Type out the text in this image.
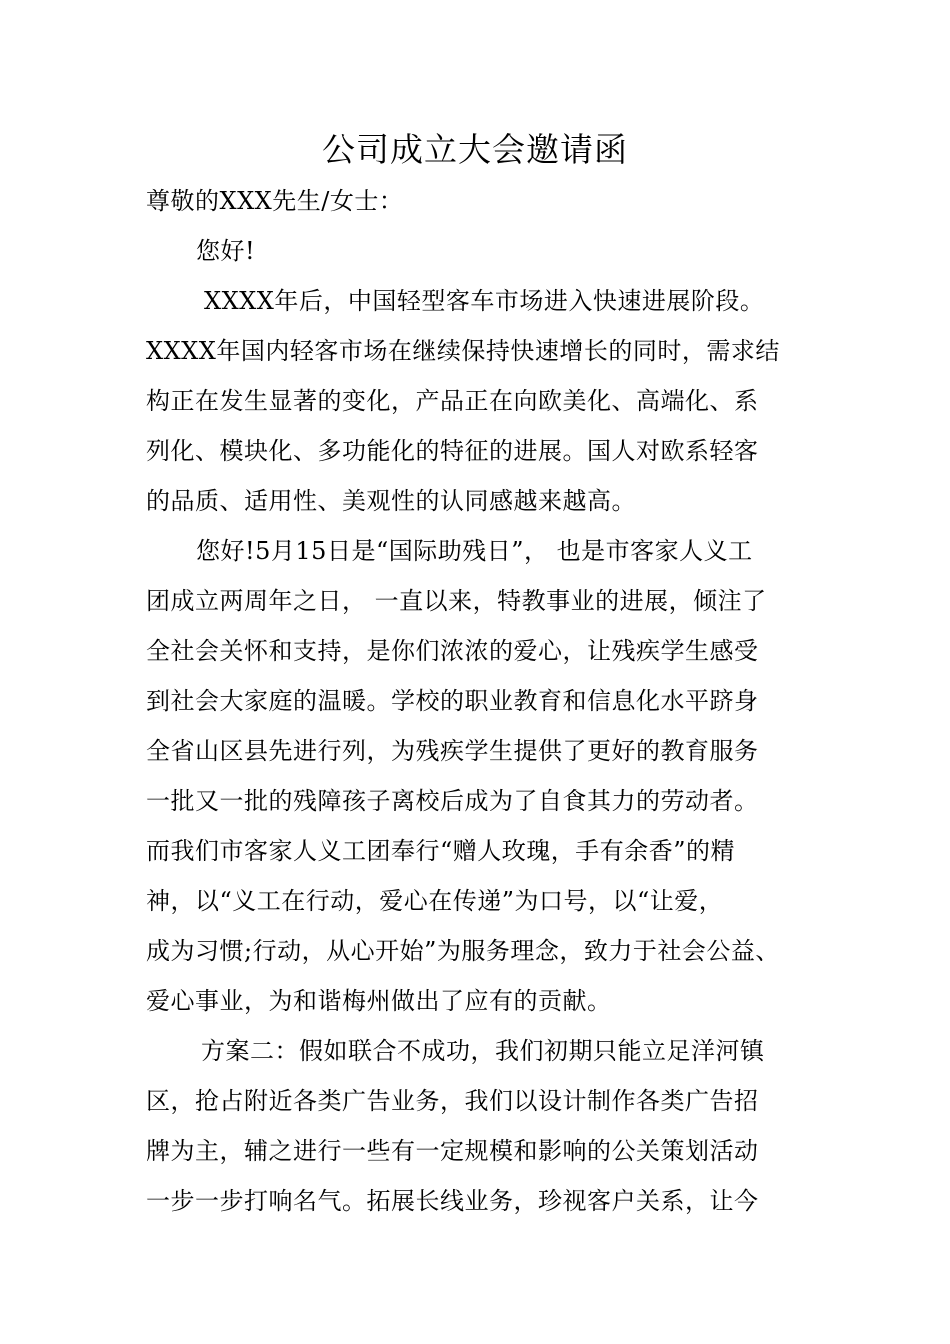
公司成立大会邀请函
尊敬的XXX先生/女士：
您好!
XXXX年后，中国轻型客车市场进入快速进展阶段。
XXXX年国内轻客市场在继续保持快速增长的同时，需求结
构正在发生显著的变化，产品正在向欧美化、高端化、系
列化、模块化、多功能化的特征的进展。国人对欧系轻客
的品质、适用性、美观性的认同感越来越高。
您好!5月15日是“国际助残日”， 也是市客家人义工
团成立两周年之日， 一直以来，特教事业的进展，倾注了
全社会关怀和支持，是你们浓浓的爱心，让残疾学生感受
到社会大家庭的温暖。学校的职业教育和信息化水平跻身
全省山区县先进行列，为残疾学生提供了更好的教育服务
一批又一批的残障孩子离校后成为了自食其力的劳动者。
而我们市客家人义工团奉行“赠人玫瑰，手有余香”的精
神，以“义工在行动，爱心在传递”为口号，以“让爱，
成为习惯;行动，从心开始”为服务理念，致力于社会公益、
爱心事业，为和谐梅州做出了应有的贡献。
方案二：假如联合不成功，我们初期只能立足洋河镇
区，抢占附近各类广告业务，我们以设计制作各类广告招
牌为主，辅之进行一些有一定规模和影响的公关策划活动
一步一步打响名气。拓展长线业务，珍视客户关系，让今
